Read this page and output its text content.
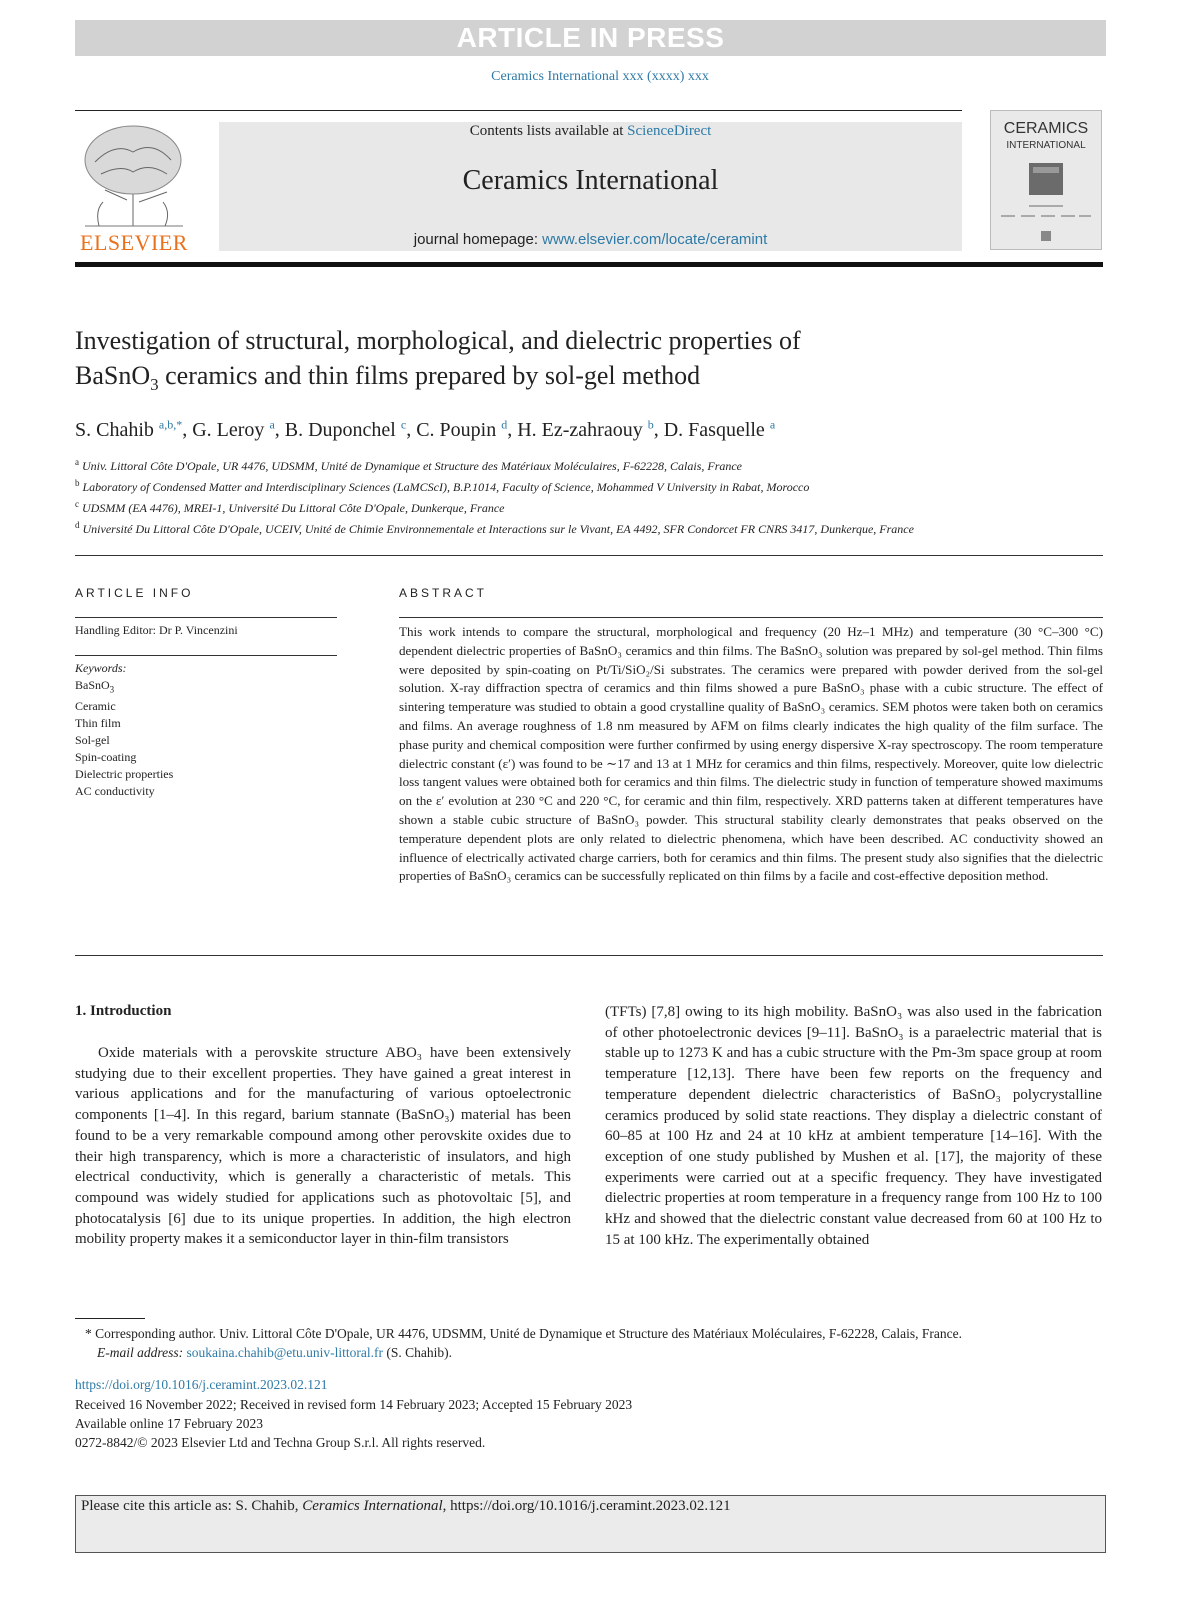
ARTICLE IN PRESS
Ceramics International xxx (xxxx) xxx
ELSEVIER
Contents lists available at ScienceDirect
Ceramics International
journal homepage: www.elsevier.com/locate/ceramint
CERAMICS
INTERNATIONAL
Investigation of structural, morphological, and dielectric properties of
BaSnO$_3$ ceramics and thin films prepared by sol-gel method
S. Chahib $^{a,b,*}$, G. Leroy $^a$, B. Duponchel $^c$, C. Poupin $^d$, H. Ez-zahraouy $^b$, D. Fasquelle $^a$
$^a$ Univ. Littoral Côte D'Opale, UR 4476, UDSMM, Unité de Dynamique et Structure des Matériaux Moléculaires, F-62228, Calais, France
$^b$ Laboratory of Condensed Matter and Interdisciplinary Sciences (LaMCScI), B.P.1014, Faculty of Science, Mohammed V University in Rabat, Morocco
$^c$ UDSMM (EA 4476), MREI-1, Université Du Littoral Côte D'Opale, Dunkerque, France
$^d$ Université Du Littoral Côte D'Opale, UCEIV, Unité de Chimie Environnementale et Interactions sur le Vivant, EA 4492, SFR Condorcet FR CNRS 3417, Dunkerque, France
ARTICLE INFO	ABSTRACT
Handling Editor: Dr P. Vincenzini
Keywords:
BaSnO$_3$
Ceramic
Thin film
Sol-gel
Spin-coating
Dielectric properties
AC conductivity
This work intends to compare the structural, morphological and frequency (20 Hz–1 MHz) and temperature (30 °C–300 °C) dependent dielectric properties of BaSnO₃ ceramics and thin films. The BaSnO₃ solution was prepared by sol-gel method. Thin films were deposited by spin-coating on Pt/Ti/SiO₂/Si substrates. The ceramics were prepared with powder derived from the sol-gel solution. X-ray diffraction spectra of ceramics and thin films showed a pure BaSnO₃ phase with a cubic structure. The effect of sintering temperature was studied to obtain a good crystalline quality of BaSnO₃ ceramics. SEM photos were taken both on ceramics and films. An average roughness of 1.8 nm measured by AFM on films clearly indicates the high quality of the film surface. The phase purity and chemical composition were further confirmed by using energy dispersive X-ray spectroscopy. The room temperature dielectric constant (ε′) was found to be ∼17 and 13 at 1 MHz for ceramics and thin films, respectively. Moreover, quite low dielectric loss tangent values were obtained both for ceramics and thin films. The dielectric study in function of temperature showed maximums on the ε′ evolution at 230 °C and 220 °C, for ceramic and thin film, respectively. XRD patterns taken at different temperatures have shown a stable cubic structure of BaSnO₃ powder. This structural stability clearly demonstrates that peaks observed on the temperature dependent plots are only related to dielectric phenomena, which have been described. AC conductivity showed an influence of electrically activated charge carriers, both for ceramics and thin films. The present study also signifies that the dielectric properties of BaSnO₃ ceramics can be successfully replicated on thin films by a facile and cost-effective deposition method.
1. Introduction
Oxide materials with a perovskite structure ABO₃ have been extensively studying due to their excellent properties. They have gained a great interest in various applications and for the manufacturing of various optoelectronic components [1–4]. In this regard, barium stannate (BaSnO₃) material has been found to be a very remarkable compound among other perovskite oxides due to their high transparency, which is more a characteristic of insulators, and high electrical conductivity, which is generally a characteristic of metals. This compound was widely studied for applications such as photovoltaic [5], and photocatalysis [6] due to its unique properties. In addition, the high electron mobility property makes it a semiconductor layer in thin-film transistors
(TFTs) [7,8] owing to its high mobility. BaSnO₃ was also used in the fabrication of other photoelectronic devices [9–11]. BaSnO₃ is a paraelectric material that is stable up to 1273 K and has a cubic structure with the Pm-3m space group at room temperature [12,13]. There have been few reports on the frequency and temperature dependent dielectric characteristics of BaSnO₃ polycrystalline ceramics produced by solid state reactions. They display a dielectric constant of 60–85 at 100 Hz and 24 at 10 kHz at ambient temperature [14–16]. With the exception of one study published by Mushen et al. [17], the majority of these experiments were carried out at a specific frequency. They have investigated dielectric properties at room temperature in a frequency range from 100 Hz to 100 kHz and showed that the dielectric constant value decreased from 60 at 100 Hz to 15 at 100 kHz. The experimentally obtained
* Corresponding author. Univ. Littoral Côte D'Opale, UR 4476, UDSMM, Unité de Dynamique et Structure des Matériaux Moléculaires, F-62228, Calais, France.
E-mail address: soukaina.chahib@etu.univ-littoral.fr (S. Chahib).
https://doi.org/10.1016/j.ceramint.2023.02.121
Received 16 November 2022; Received in revised form 14 February 2023; Accepted 15 February 2023
Available online 17 February 2023
0272-8842/© 2023 Elsevier Ltd and Techna Group S.r.l. All rights reserved.
Please cite this article as: S. Chahib, Ceramics International, https://doi.org/10.1016/j.ceramint.2023.02.121
